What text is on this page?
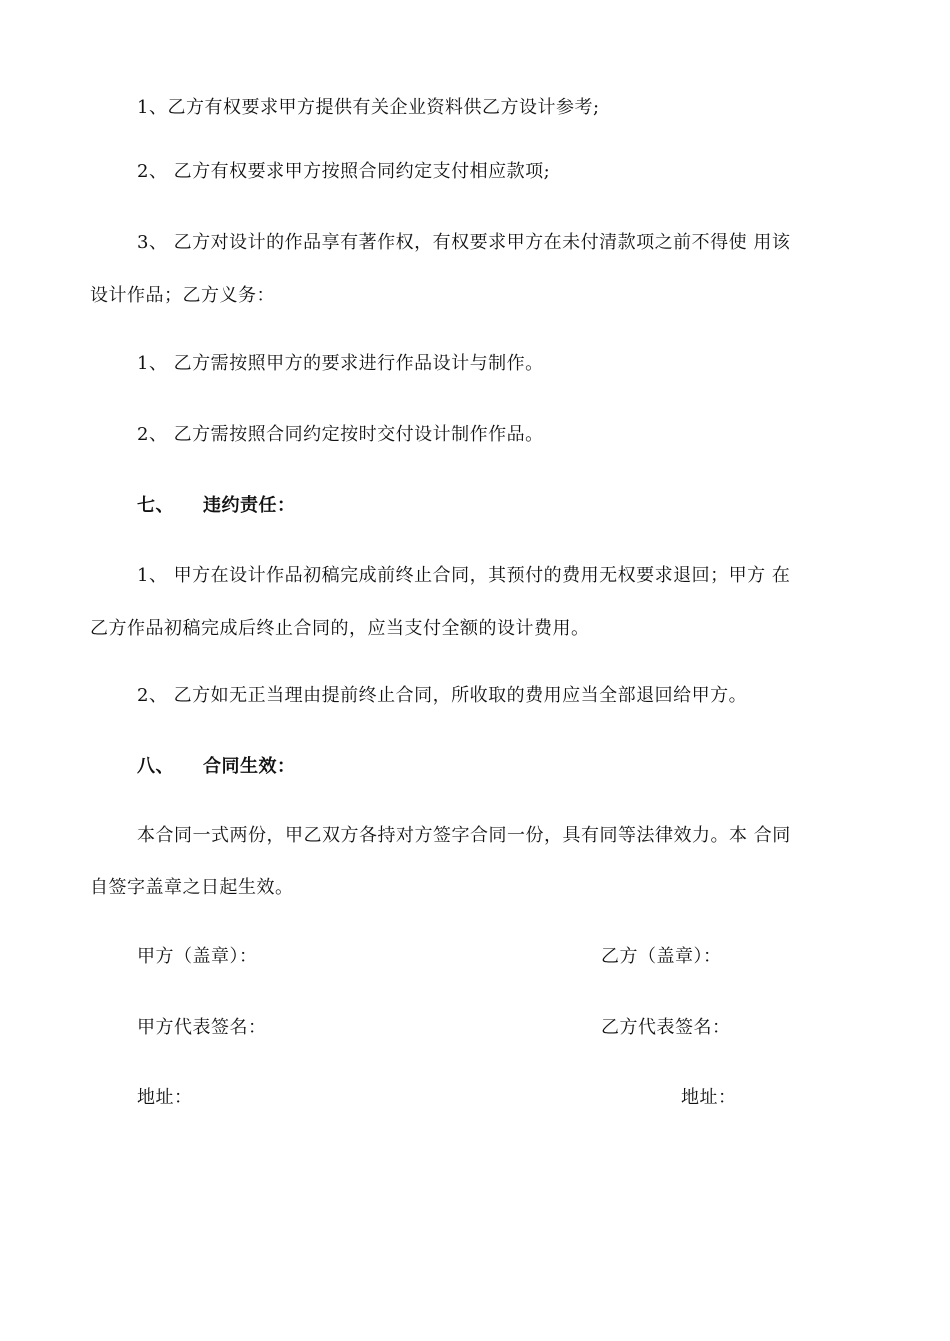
1、乙方有权要求甲方提供有关企业资料供乙方设计参考;
2、 乙方有权要求甲方按照合同约定支付相应款项;
3、 乙方对设计的作品享有著作权，有权要求甲方在未付清款项之前不得使 用该
设计作品；乙方义务：
1、 乙方需按照甲方的要求进行作品设计与制作。
2、 乙方需按照合同约定按时交付设计制作作品。
七、 违约责任：
1、 甲方在设计作品初稿完成前终止合同，其预付的费用无权要求退回；甲方 在
乙方作品初稿完成后终止合同的，应当支付全额的设计费用。
2、 乙方如无正当理由提前终止合同，所收取的费用应当全部退回给甲方。
八、 合同生效：
本合同一式两份，甲乙双方各持对方签字合同一份，具有同等法律效力。本 合同
自签字盖章之日起生效。
甲方（盖章）：	乙方（盖章）：
甲方代表签名：	乙方代表签名：
地址：	地址：
